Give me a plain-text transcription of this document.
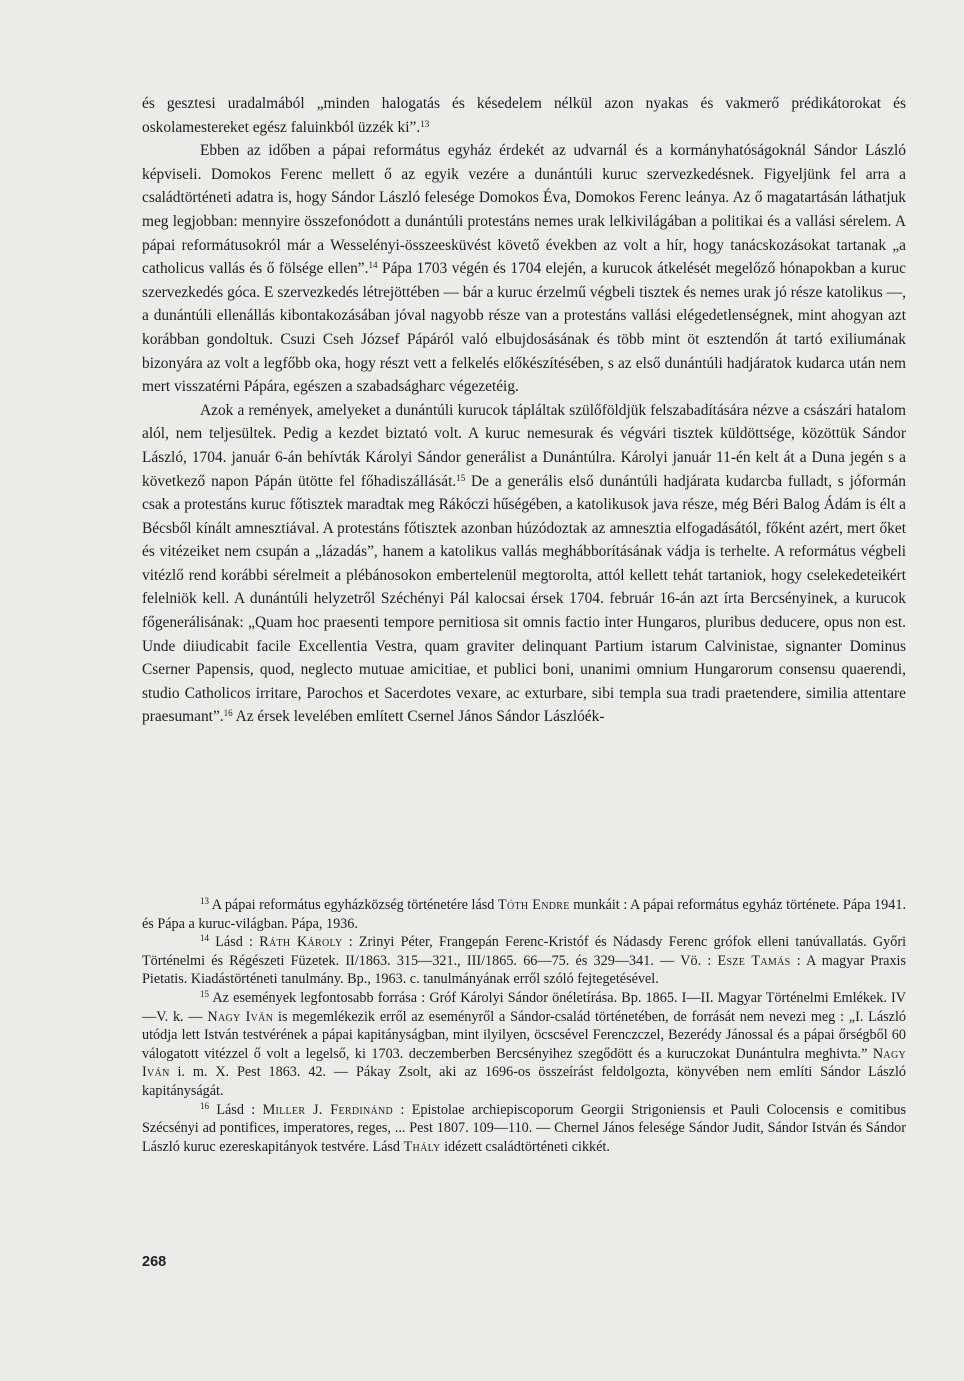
és gesztesi uradalmából „minden halogatás és késedelem nélkül azon nyakas és vakmerő prédikátorokat és oskolamestereket egész faluinkból üzzék ki”.$^{13}$

Ebben az időben a pápai református egyház érdekét az udvarnál és a kormányhatóságoknál Sándor László képviseli. Domokos Ferenc mellett ő az egyik vezére a dunántúli kuruc szervezkedésnek. Figyeljünk fel arra a családtörténeti adatra is, hogy Sándor László felesége Domokos Éva, Domokos Ferenc leánya. Az ő magatartásán láthatjuk meg legjobban: mennyire összefonódott a dunántúli protestáns nemes urak lelkivilágában a politikai és a vallási sérelem. A pápai reformátusokról már a Wesselényi-összeesküvést követő években az volt a hír, hogy tanácskozásokat tartanak „a catholicus vallás és ő fölsége ellen”.$^{14}$ Pápa 1703 végén és 1704 elején, a kurucok átkelését megelőző hónapokban a kuruc szervezkedés góca. E szervezkedés létrejöttében — bár a kuruc érzelmű végbeli tisztek és nemes urak jó része katolikus —, a dunántúli ellenállás kibontakozásában jóval nagyobb része van a protestáns vallási elégedetlenségnek, mint ahogyan azt korábban gondoltuk. Csuzi Cseh József Pápáról való elbujdosásának és több mint öt esztendőn át tartó exiliumának bizonyára az volt a legfőbb oka, hogy részt vett a felkelés előkészítésében, s az első dunántúli hadjáratok kudarca után nem mert visszatérni Pápára, egészen a szabadságharc végezetéig.

Azok a remények, amelyeket a dunántúli kurucok tápláltak szülőföldjük felszabadítására nézve a császári hatalom alól, nem teljesültek. Pedig a kezdet biztató volt. A kuruc nemesurak és végvári tisztek küldöttsége, közöttük Sándor László, 1704. január 6-án behívták Károlyi Sándor generálist a Dunántúlra. Károlyi január 11-én kelt át a Duna jegén s a következő napon Pápán ütötte fel főhadiszállását.$^{15}$ De a generális első dunántúli hadjárata kudarcba fulladt, s jóformán csak a protestáns kuruc főtisztek maradtak meg Rákóczi hűségében, a katolikusok java része, még Béri Balog Ádám is élt a Bécsből kínált amnesztiával. A protestáns főtisztek azonban húzódoztak az amnesztia elfogadásától, főként azért, mert őket és vitézeiket nem csupán a „lázadás”, hanem a katolikus vallás meghábborításának vádja is terhelte. A református végbeli vitézlő rend korábbi sérelmeit a plébánosokon embertelenül megtorolta, attól kellett tehát tartaniok, hogy cselekedeteikért felelniök kell. A dunántúli helyzetről Széchényi Pál kalocsai érsek 1704. február 16-án azt írta Bercsényinek, a kurucok főgenerálisának: „Quam hoc praesenti tempore pernitiosa sit omnis factio inter Hungaros, pluribus deducere, opus non est. Unde diiudicabit facile Excellentia Vestra, quam graviter delinquant Partium istarum Calvinistae, signanter Dominus Cserner Papensis, quod, neglecto mutuae amicitiae, et publici boni, unanimi omnium Hungarorum consensu quaerendi, studio Catholicos irritare, Parochos et Sacerdotes vexare, ac exturbare, sibi templa sua tradi praetendere, similia attentare praesumant”.$^{16}$ Az érsek levelében említett Csernel János Sándor Lászlóék-

$^{13}$ A pápai református egyházközség történetére lásd Tóth Endre munkáit : A pápai református egyház története. Pápa 1941. és Pápa a kuruc-világban. Pápa, 1936.

$^{14}$ Lásd : Ráth Károly : Zrinyi Péter, Frangepán Ferenc-Kristóf és Nádasdy Ferenc grófok elleni tanúvallatás. Győri Történelmi és Régészeti Füzetek. II/1863. 315—321., III/1865. 66—75. és 329—341. — Vö. : Esze Tamás : A magyar Praxis Pietatis. Kiadástörténeti tanulmány. Bp., 1963. c. tanulmányának erről szóló fejtegetésével.

$^{15}$ Az események legfontosabb forrása : Gróf Károlyi Sándor önéletírása. Bp. 1865. I—II. Magyar Történelmi Emlékek. IV—V. k. — Nagy Iván is megemlékezik erről az eseményről a Sándor-család történetében, de forrását nem nevezi meg : „I. László utódja lett István testvérének a pápai kapitányságban, mint ilyilyen, öcscsével Ferenczczel, Bezerédy Jánossal és a pápai őrségből 60 válogatott vitézzel ő volt a legelső, ki 1703. deczemberben Bercsényihez szegődött és a kuruczokat Dunántulra meghivta.” Nagy Iván i. m. X. Pest 1863. 42. — Pákay Zsolt, aki az 1696-os összeírást feldolgozta, könyvében nem említi Sándor László kapitányságát.

$^{16}$ Lásd : Miller J. Ferdinánd : Epistolae archiepiscoporum Georgii Strigoniensis et Pauli Colocensis e comitibus Szécsényi ad pontifices, imperatores, reges, ... Pest 1807. 109—110. — Chernel János felesége Sándor Judit, Sándor István és Sándor László kuruc ezereskapitányok testvére. Lásd Thály idézett családtörténeti cikkét.

268
